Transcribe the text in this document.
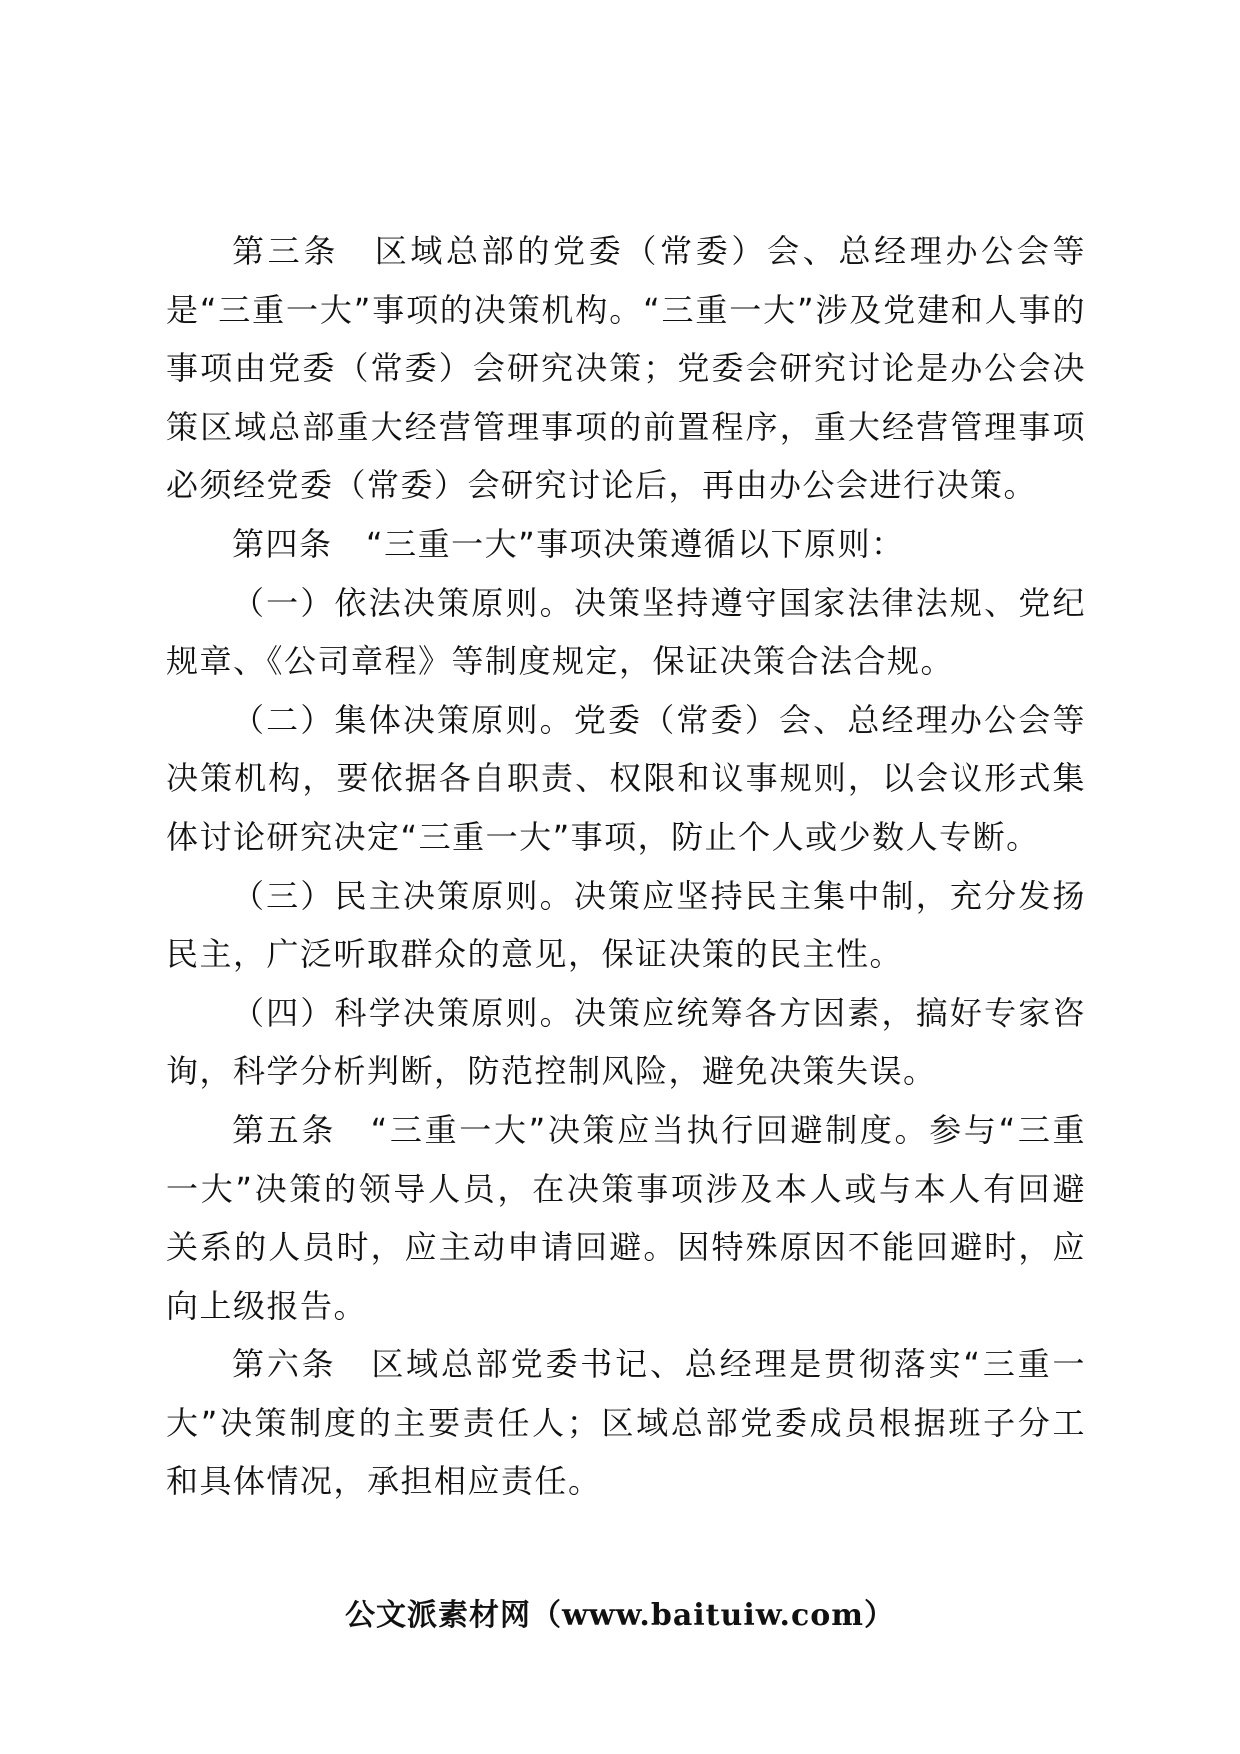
第三条　区域总部的党委（常委）会、总经理办公会等是“三重一大”事项的决策机构。“三重一大”涉及党建和人事的事项由党委（常委）会研究决策；党委会研究讨论是办公会决策区域总部重大经营管理事项的前置程序，重大经营管理事项必须经党委（常委）会研究讨论后，再由办公会进行决策。

第四条　“三重一大”事项决策遵循以下原则：

（一）依法决策原则。决策坚持遵守国家法律法规、党纪规章、《公司章程》等制度规定，保证决策合法合规。

（二）集体决策原则。党委（常委）会、总经理办公会等决策机构，要依据各自职责、权限和议事规则，以会议形式集体讨论研究决定“三重一大”事项，防止个人或少数人专断。

（三）民主决策原则。决策应坚持民主集中制，充分发扬民主，广泛听取群众的意见，保证决策的民主性。

（四）科学决策原则。决策应统筹各方因素，搞好专家咨询，科学分析判断，防范控制风险，避免决策失误。

第五条　“三重一大”决策应当执行回避制度。参与“三重一大”决策的领导人员，在决策事项涉及本人或与本人有回避关系的人员时，应主动申请回避。因特殊原因不能回避时，应向上级报告。

第六条　区域总部党委书记、总经理是贯彻落实“三重一大”决策制度的主要责任人；区域总部党委成员根据班子分工和具体情况，承担相应责任。

公文派素材网（www.baituiw.com）
